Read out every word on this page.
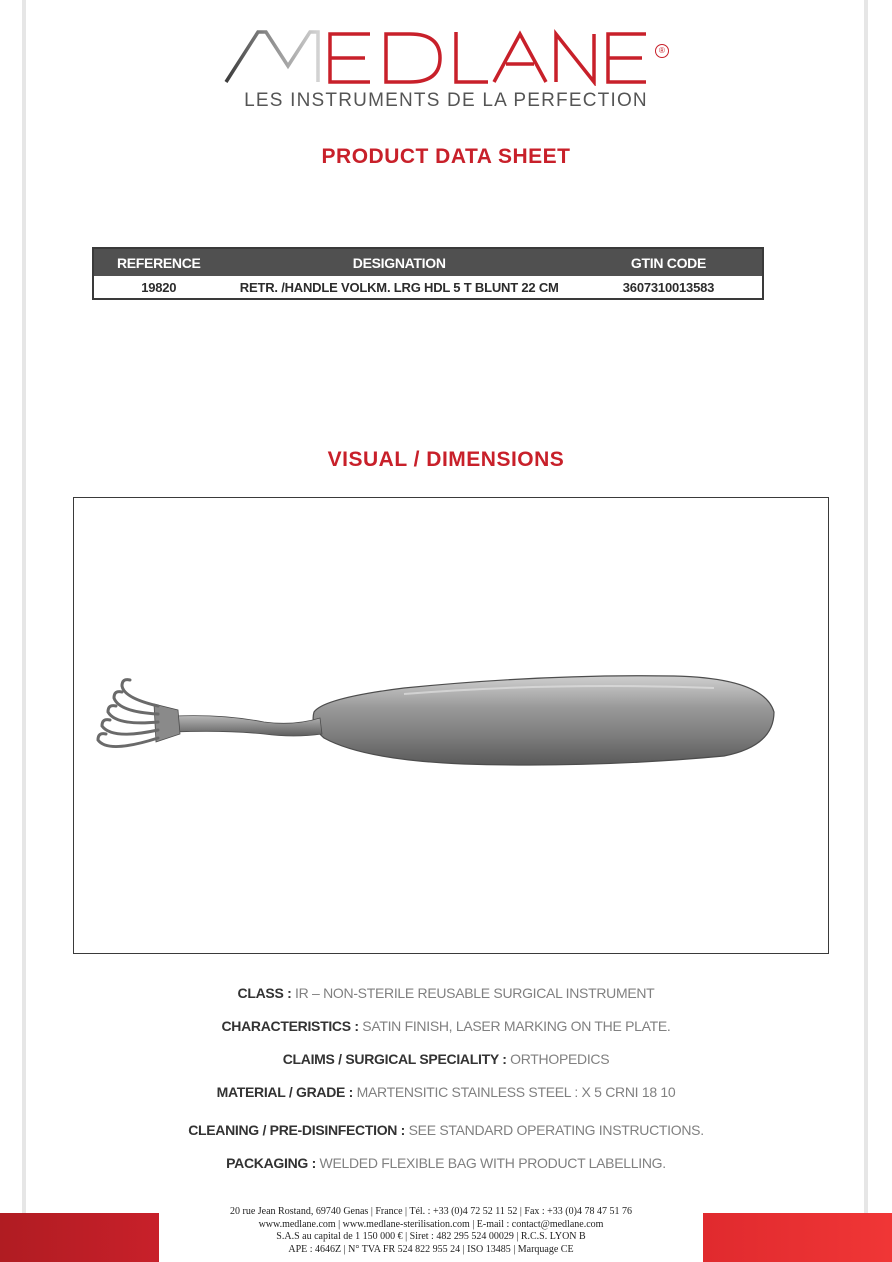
®
LES INSTRUMENTS DE LA PERFECTION
PRODUCT DATA SHEET
REFERENCE	DESIGNATION	GTIN CODE
19820	RETR. /HANDLE VOLKM. LRG HDL 5 T BLUNT 22 CM	3607310013583
VISUAL / DIMENSIONS
CLASS : IR – NON-STERILE REUSABLE SURGICAL INSTRUMENT
CHARACTERISTICS : SATIN FINISH, LASER MARKING ON THE PLATE.
CLAIMS / SURGICAL SPECIALITY : ORTHOPEDICS
MATERIAL / GRADE : MARTENSITIC STAINLESS STEEL : X 5 CRNI 18 10
CLEANING / PRE-DISINFECTION : SEE STANDARD OPERATING INSTRUCTIONS.
PACKAGING : WELDED FLEXIBLE BAG WITH PRODUCT LABELLING.
20 rue Jean Rostand, 69740 Genas | France | Tél. : +33 (0)4 72 52 11 52 | Fax : +33 (0)4 78 47 51 76
www.medlane.com | www.medlane-sterilisation.com | E-mail : contact@medlane.com
S.A.S au capital de 1 150 000 € | Siret : 482 295 524 00029 | R.C.S. LYON B
APE : 4646Z | N° TVA FR 524 822 955 24 | ISO 13485 | Marquage CE
